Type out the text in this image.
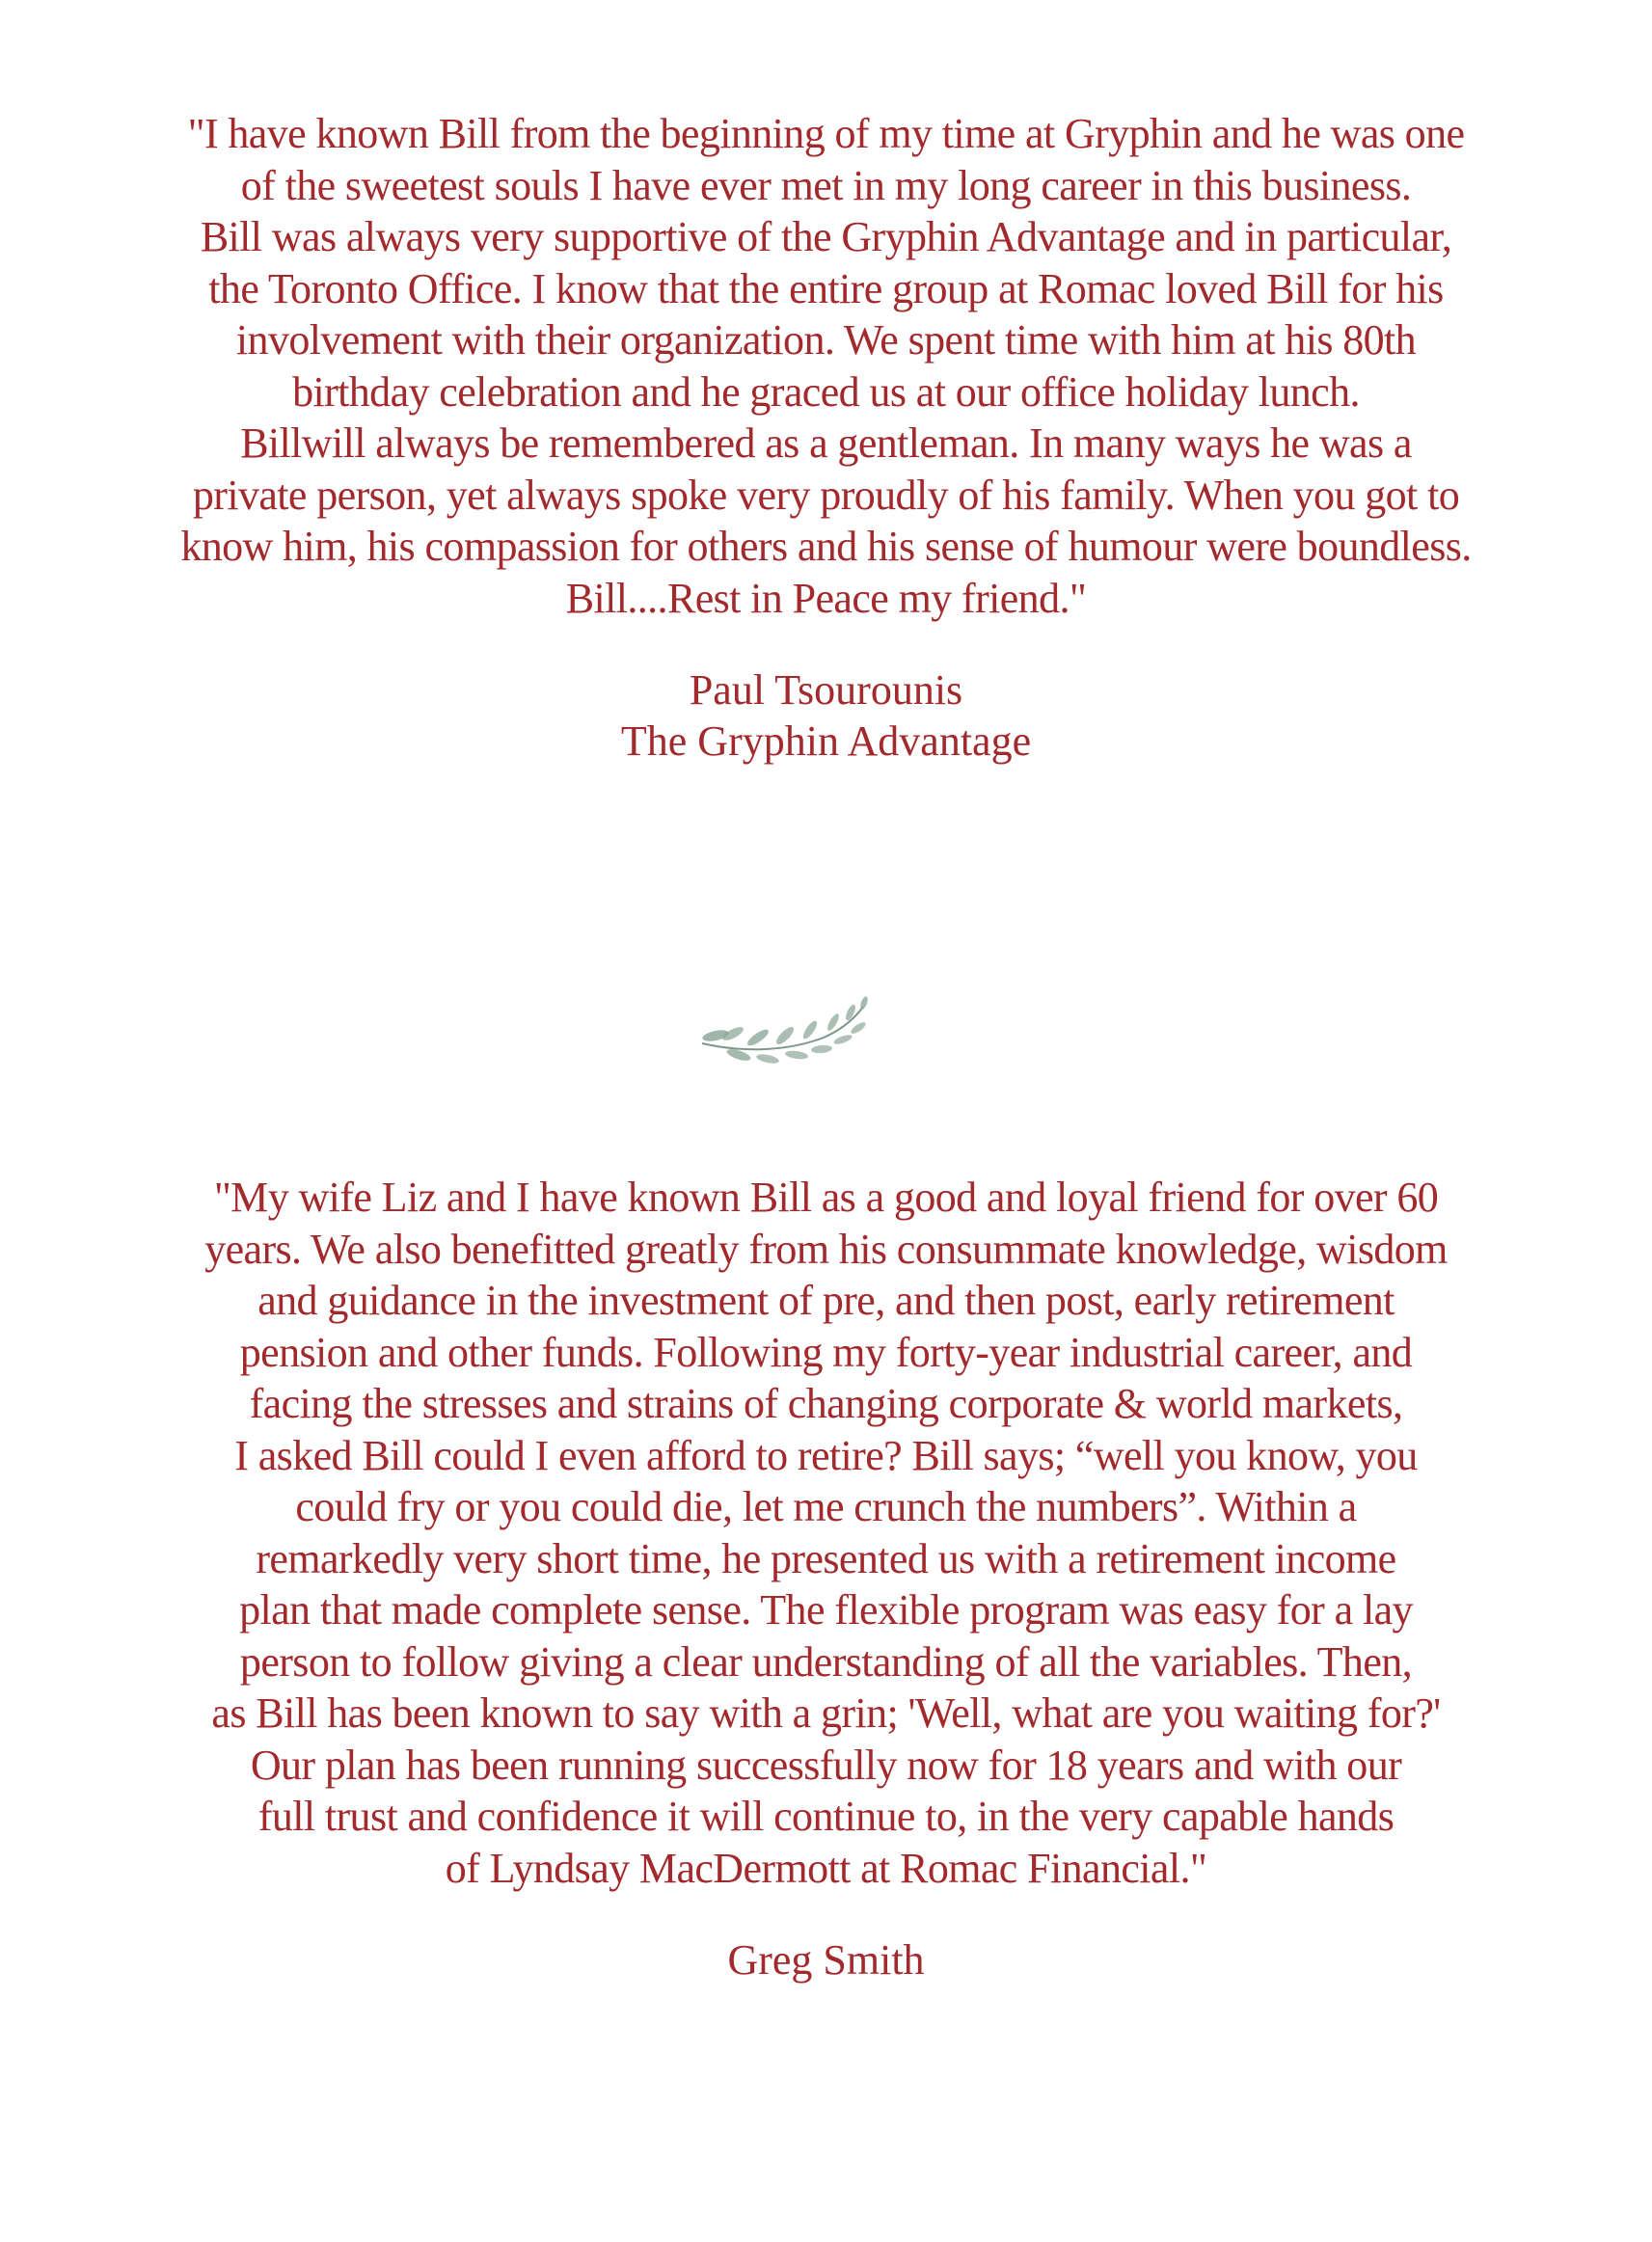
"I have known Bill from the beginning of my time at Gryphin and he was one
of the sweetest souls I have ever met in my long career in this business.
Bill was always very supportive of the Gryphin Advantage and in particular,
the Toronto Office. I know that the entire group at Romac loved Bill for his
involvement with their organization. We spent time with him at his 80th
birthday celebration and he graced us at our office holiday lunch.
Billwill always be remembered as a gentleman. In many ways he was a
private person, yet always spoke very proudly of his family. When you got to
know him, his compassion for others and his sense of humour were boundless.
Bill....Rest in Peace my friend."
Paul Tsourounis
The Gryphin Advantage
"My wife Liz and I have known Bill as a good and loyal friend for over 60
years. We also benefitted greatly from his consummate knowledge, wisdom
and guidance in the investment of pre, and then post, early retirement
pension and other funds. Following my forty-year industrial career, and
facing the stresses and strains of changing corporate & world markets,
I asked Bill could I even afford to retire? Bill says; “well you know, you
could fry or you could die, let me crunch the numbers”. Within a
remarkedly very short time, he presented us with a retirement income
plan that made complete sense. The flexible program was easy for a lay
person to follow giving a clear understanding of all the variables. Then,
as Bill has been known to say with a grin; 'Well, what are you waiting for?'
Our plan has been running successfully now for 18 years and with our
full trust and confidence it will continue to, in the very capable hands
of Lyndsay MacDermott at Romac Financial."
Greg Smith
